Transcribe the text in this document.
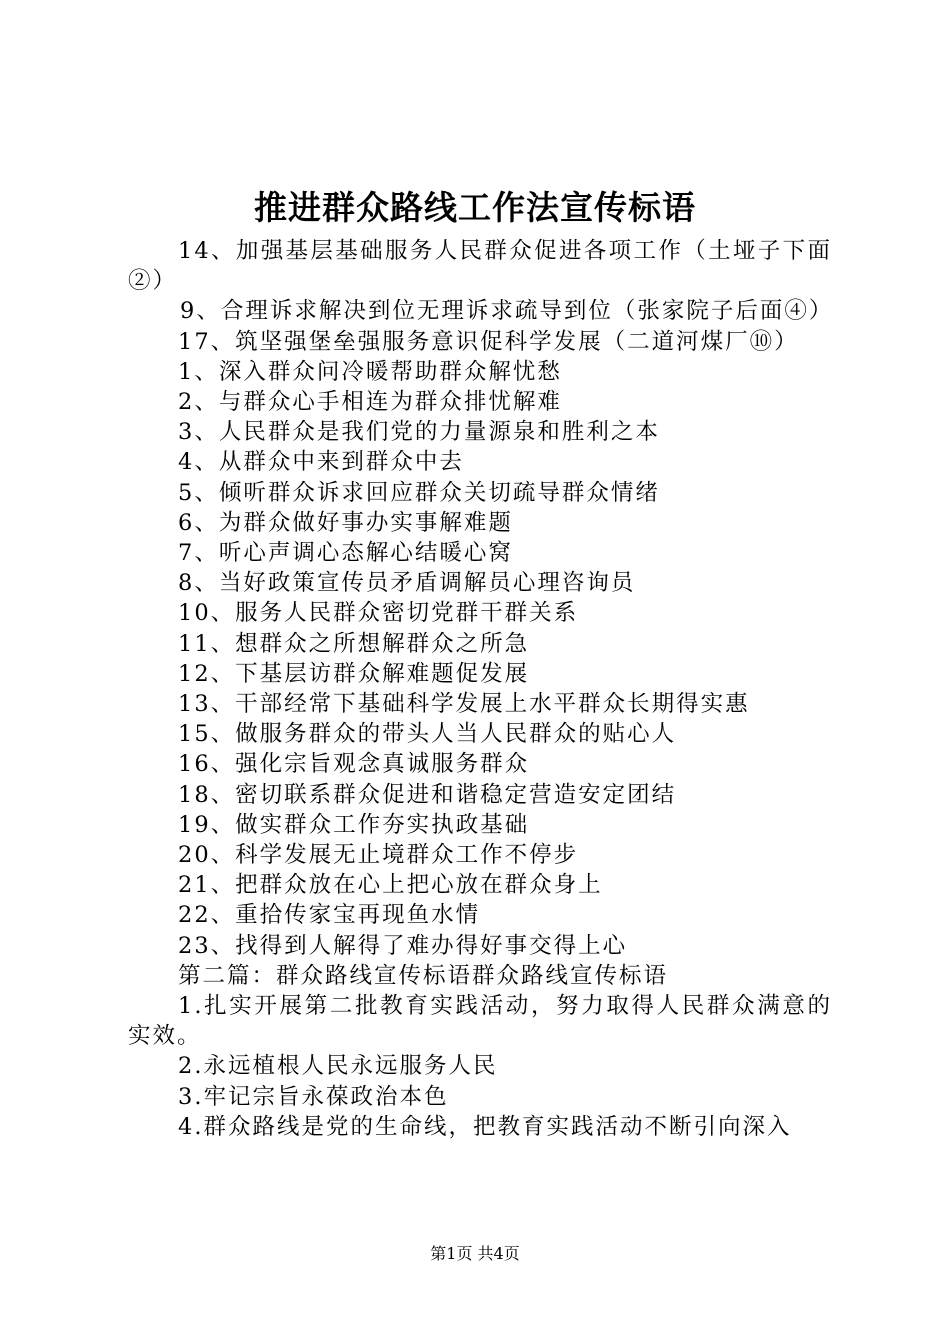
推进群众路线工作法宣传标语

14、加强基层基础服务人民群众促进各项工作（土垭子下面②）

9、合理诉求解决到位无理诉求疏导到位（张家院子后面④）

17、筑坚强堡垒强服务意识促科学发展（二道河煤厂⑩）

1、深入群众问冷暖帮助群众解忧愁

2、与群众心手相连为群众排忧解难

3、人民群众是我们党的力量源泉和胜利之本

4、从群众中来到群众中去

5、倾听群众诉求回应群众关切疏导群众情绪

6、为群众做好事办实事解难题

7、听心声调心态解心结暖心窝

8、当好政策宣传员矛盾调解员心理咨询员

10、服务人民群众密切党群干群关系

11、想群众之所想解群众之所急

12、下基层访群众解难题促发展

13、干部经常下基础科学发展上水平群众长期得实惠

15、做服务群众的带头人当人民群众的贴心人

16、强化宗旨观念真诚服务群众

18、密切联系群众促进和谐稳定营造安定团结

19、做实群众工作夯实执政基础

20、科学发展无止境群众工作不停步

21、把群众放在心上把心放在群众身上

22、重拾传家宝再现鱼水情

23、找得到人解得了难办得好事交得上心

第二篇：群众路线宣传标语群众路线宣传标语

1.扎实开展第二批教育实践活动，努力取得人民群众满意的实效。

2.永远植根人民永远服务人民

3.牢记宗旨永葆政治本色

4.群众路线是党的生命线，把教育实践活动不断引向深入

第1页 共4页
